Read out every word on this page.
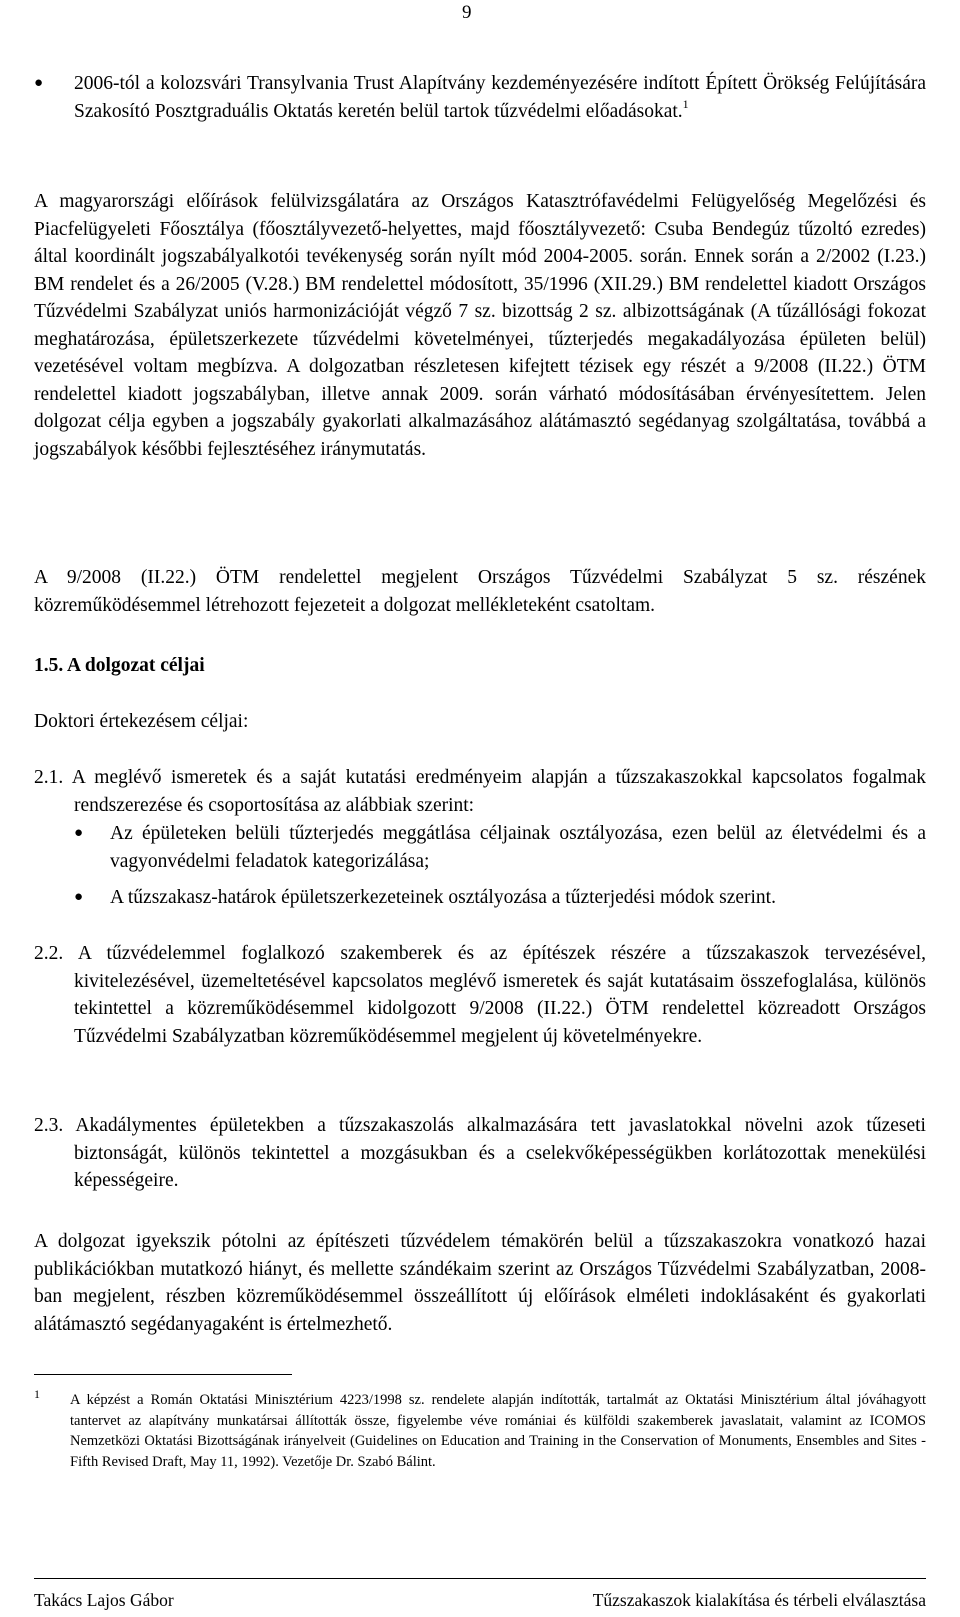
9
● 2006-tól a kolozsvári Transylvania Trust Alapítvány kezdeményezésére indított Épített Örökség Felújítására Szakosító Posztgraduális Oktatás keretén belül tartok tűzvédelmi előadásokat.$^1$
A magyarországi előírások felülvizsgálatára az Országos Katasztrófavédelmi Felügyelőség Megelőzési és Piacfelügyeleti Főosztálya (főosztályvezető-helyettes, majd főosztályvezető: Csuba Bendegúz tűzoltó ezredes) által koordinált jogszabályalkotói tevékenység során nyílt mód 2004-2005. során. Ennek során a 2/2002 (I.23.) BM rendelet és a 26/2005 (V.28.) BM rendelettel módosított, 35/1996 (XII.29.) BM rendelettel kiadott Országos Tűzvédelmi Szabályzat uniós harmonizációját végző 7 sz. bizottság 2 sz. albizottságának (A tűzállósági fokozat meghatározása, épületszerkezete tűzvédelmi követelményei, tűzterjedés megakadályozása épületen belül) vezetésével voltam megbízva. A dolgozatban részletesen kifejtett tézisek egy részét a 9/2008 (II.22.) ÖTM rendelettel kiadott jogszabályban, illetve annak 2009. során várható módosításában érvényesítettem. Jelen dolgozat célja egyben a jogszabály gyakorlati alkalmazásához alátámasztó segédanyag szolgáltatása, továbbá a jogszabályok későbbi fejlesztéséhez iránymutatás.
A 9/2008 (II.22.) ÖTM rendelettel megjelent Országos Tűzvédelmi Szabályzat 5 sz. részének közreműködésemmel létrehozott fejezeteit a dolgozat mellékleteként csatoltam.
1.5. A dolgozat céljai
Doktori értekezésem céljai:
2.1. A meglévő ismeretek és a saját kutatási eredményeim alapján a tűzszakaszokkal kapcsolatos fogalmak rendszerezése és csoportosítása az alábbiak szerint:
● Az épületeken belüli tűzterjedés meggátlása céljainak osztályozása, ezen belül az életvédelmi és a vagyonvédelmi feladatok kategorizálása;
● A tűzszakasz-határok épületszerkezeteinek osztályozása a tűzterjedési módok szerint.
2.2. A tűzvédelemmel foglalkozó szakemberek és az építészek részére a tűzszakaszok tervezésével, kivitelezésével, üzemeltetésével kapcsolatos meglévő ismeretek és saját kutatásaim összefoglalása, különös tekintettel a közreműködésemmel kidolgozott 9/2008 (II.22.) ÖTM rendelettel közreadott Országos Tűzvédelmi Szabályzatban közreműködésemmel megjelent új követelményekre.
2.3. Akadálymentes épületekben a tűzszakaszolás alkalmazására tett javaslatokkal növelni azok tűzeseti biztonságát, különös tekintettel a mozgásukban és a cselekvőképességükben korlátozottak menekülési képességeire.
A dolgozat igyekszik pótolni az építészeti tűzvédelem témakörén belül a tűzszakaszokra vonatkozó hazai publikációkban mutatkozó hiányt, és mellette szándékaim szerint az Országos Tűzvédelmi Szabályzatban, 2008-ban megjelent, részben közreműködésemmel összeállított új előírások elméleti indoklásaként és gyakorlati alátámasztó segédanyagaként is értelmezhető.
1 A képzést a Román Oktatási Minisztérium 4223/1998 sz. rendelete alapján indították, tartalmát az Oktatási Minisztérium által jóváhagyott tantervet az alapítvány munkatársai állították össze, figyelembe véve romániai és külföldi szakemberek javaslatait, valamint az ICOMOS Nemzetközi Oktatási Bizottságának irányelveit (Guidelines on Education and Training in the Conservation of Monuments, Ensembles and Sites - Fifth Revised Draft, May 11, 1992). Vezetője Dr. Szabó Bálint.
Takács Lajos Gábor	Tűzszakaszok kialakítása és térbeli elválasztása
